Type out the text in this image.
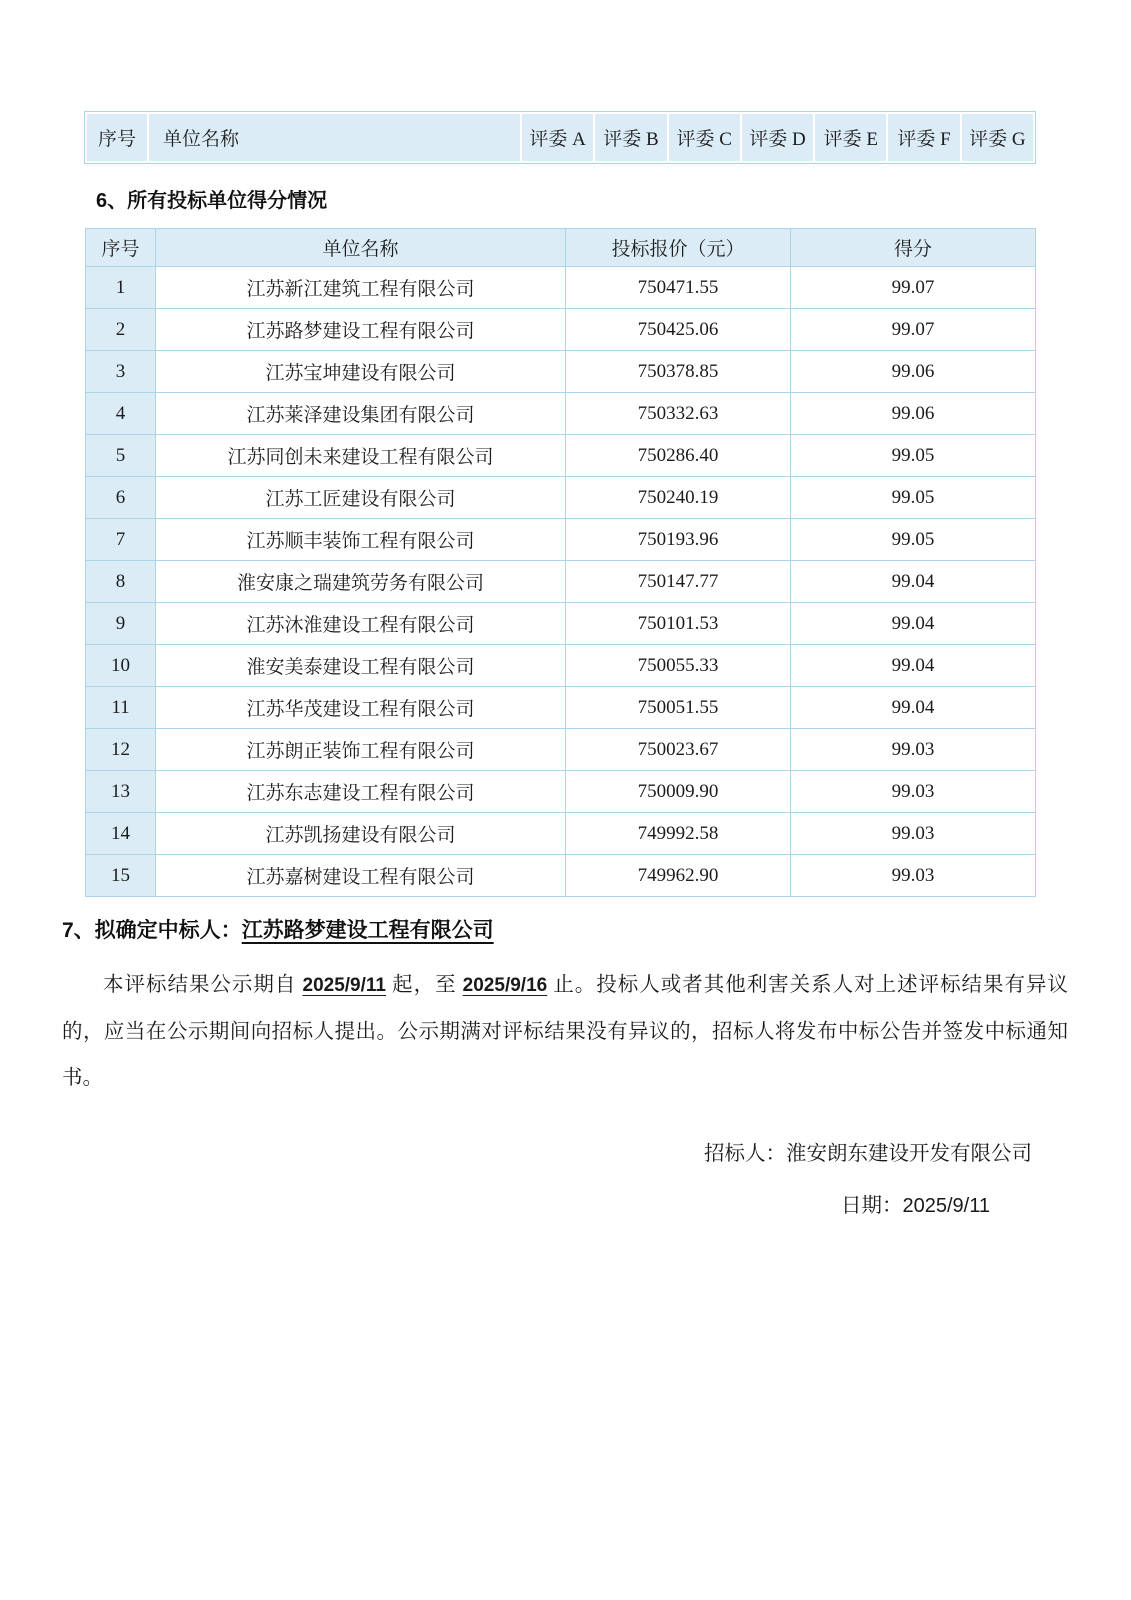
序号	单位名称	评委 A	评委 B	评委 C	评委 D	评委 E	评委 F	评委 G
6、所有投标单位得分情况
序号	单位名称	投标报价（元）	得分
1	江苏新江建筑工程有限公司	750471.55	99.07
2	江苏路梦建设工程有限公司	750425.06	99.07
3	江苏宝坤建设有限公司	750378.85	99.06
4	江苏莱泽建设集团有限公司	750332.63	99.06
5	江苏同创未来建设工程有限公司	750286.40	99.05
6	江苏工匠建设有限公司	750240.19	99.05
7	江苏顺丰装饰工程有限公司	750193.96	99.05
8	淮安康之瑞建筑劳务有限公司	750147.77	99.04
9	江苏沐淮建设工程有限公司	750101.53	99.04
10	淮安美泰建设工程有限公司	750055.33	99.04
11	江苏华茂建设工程有限公司	750051.55	99.04
12	江苏朗正装饰工程有限公司	750023.67	99.03
13	江苏东志建设工程有限公司	750009.90	99.03
14	江苏凯扬建设有限公司	749992.58	99.03
15	江苏嘉树建设工程有限公司	749962.90	99.03
7、拟确定中标人：江苏路梦建设工程有限公司
本评标结果公示期自 2025/9/11 起，至 2025/9/16 止。投标人或者其他利害关系人对上述评标结果有异议的，应当在公示期间向招标人提出。公示期满对评标结果没有异议的，招标人将发布中标公告并签发中标通知书。
招标人：淮安朗东建设开发有限公司
日期：2025/9/11
